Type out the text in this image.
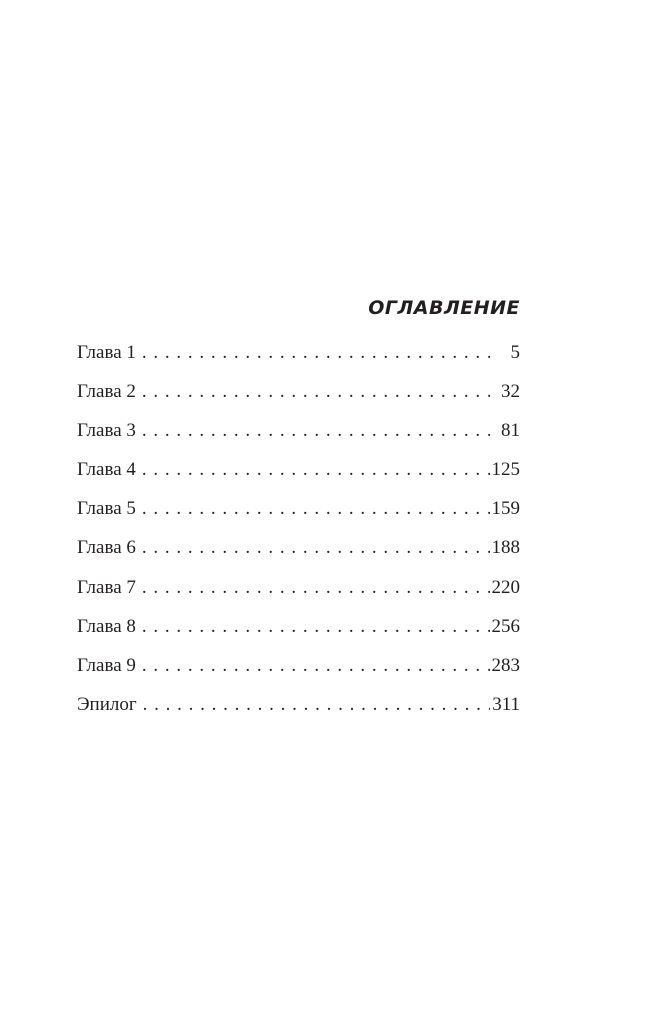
ОГЛАВЛЕНИЕ
Глава 1 . . .	5
Глава 2 . . .	32
Глава 3 . . .	81
Глава 4 . . .	125
Глава 5 . . .	159
Глава 6 . . .	188
Глава 7 . . .	220
Глава 8 . . .	256
Глава 9 . . .	283
Эпилог . . .	311
